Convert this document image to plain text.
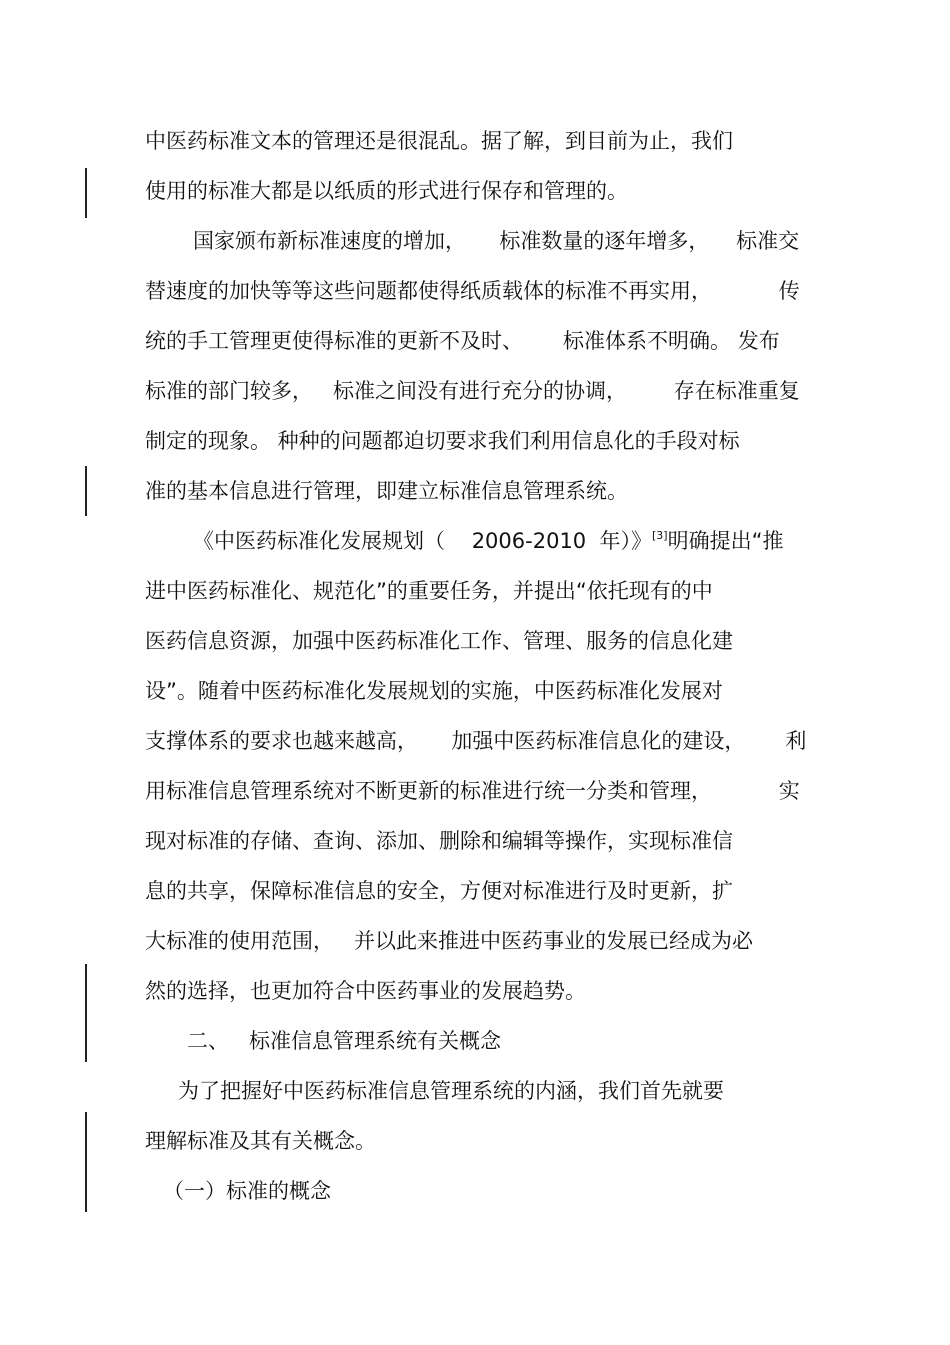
中医药标准文本的管理还是很混乱。据了解，到目前为止，我们
使用的标准大都是以纸质的形式进行保存和管理的。
国家颁布新标准速度的增加，     标准数量的逐年增多，    标准交
替速度的加快等等这些问题都使得纸质载体的标准不再实用，          传
统的手工管理更使得标准的更新不及时、      标准体系不明确。 发布
标准的部门较多，   标准之间没有进行充分的协调，       存在标准重复
制定的现象。 种种的问题都迫切要求我们利用信息化的手段对标
准的基本信息进行管理，即建立标准信息管理系统。
《中医药标准化发展规划（    2006-2010  年）》[3]明确提出“推
进中医药标准化、规范化”的重要任务，并提出“依托现有的中
医药信息资源，加强中医药标准化工作、管理、服务的信息化建
设”。随着中医药标准化发展规划的实施，中医药标准化发展对
支撑体系的要求也越来越高，     加强中医药标准信息化的建设，      利
用标准信息管理系统对不断更新的标准进行统一分类和管理，          实
现对标准的存储、查询、添加、删除和编辑等操作，实现标准信
息的共享，保障标准信息的安全，方便对标准进行及时更新，扩
大标准的使用范围，   并以此来推进中医药事业的发展已经成为必
然的选择，也更加符合中医药事业的发展趋势。
二、   标准信息管理系统有关概念
为了把握好中医药标准信息管理系统的内涵，我们首先就要
理解标准及其有关概念。
（一）标准的概念
